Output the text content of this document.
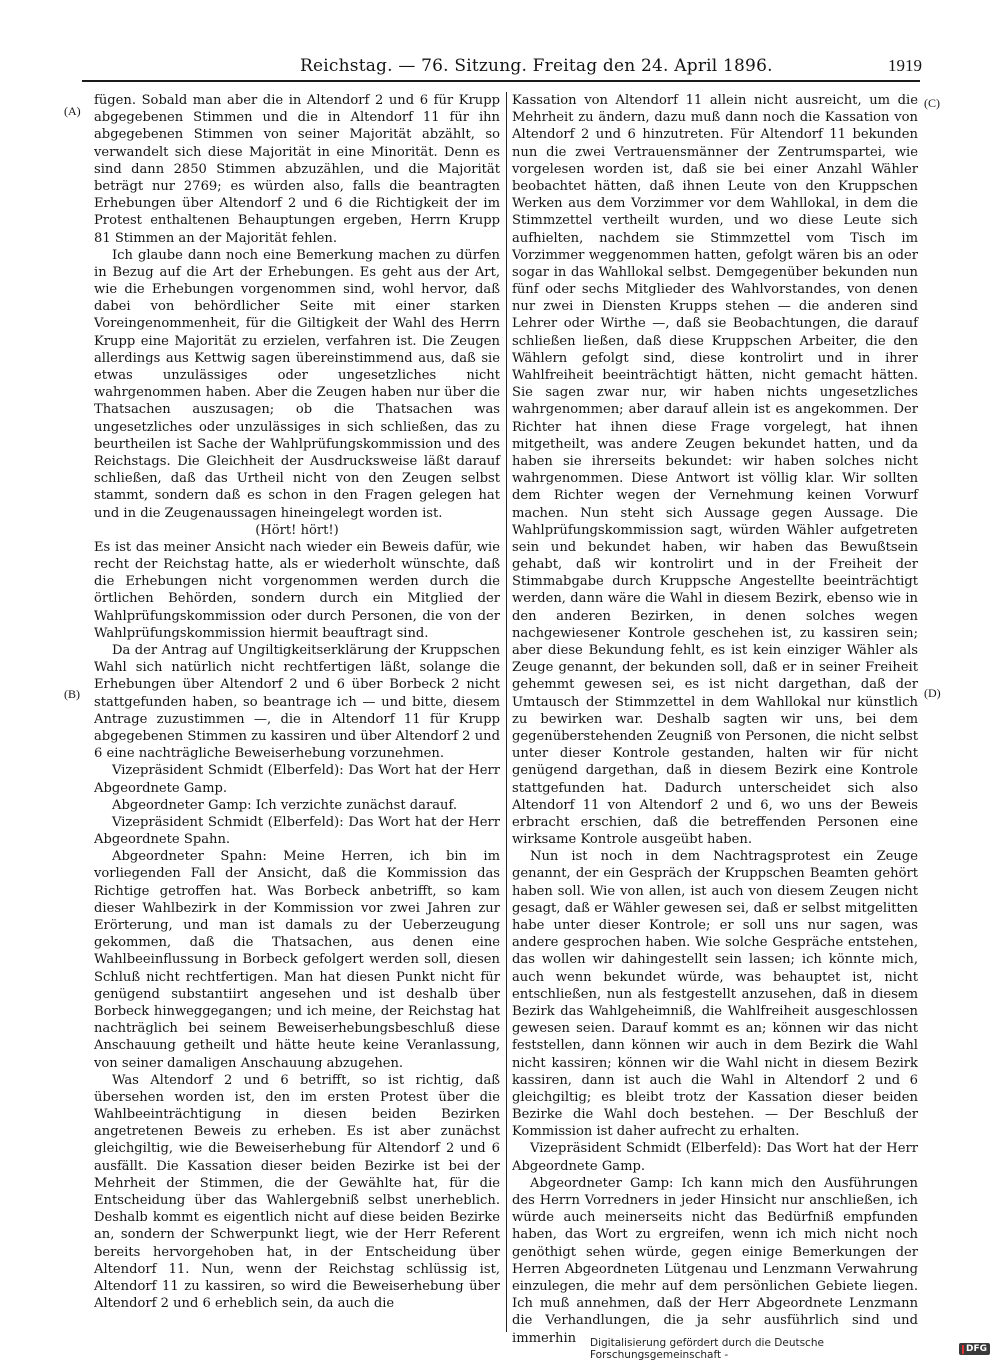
Reichstag. — 76. Sitzung. Freitag den 24. April 1896.	1919
(A)
(B)
(C)
(D)

fügen. Sobald man aber die in Altendorf 2 und 6 für Krupp abgegebenen Stimmen und die in Altendorf 11 für ihn abgegebenen Stimmen von seiner Majorität abzählt, so verwandelt sich diese Majorität in eine Minorität. Denn es sind dann 2850 Stimmen abzuzählen, und die Majorität beträgt nur 2769; es würden also, falls die beantragten Erhebungen über Altendorf 2 und 6 die Richtigkeit der im Protest enthaltenen Behauptungen ergeben, Herrn Krupp 81 Stimmen an der Majorität fehlen.

Ich glaube dann noch eine Bemerkung machen zu dürfen in Bezug auf die Art der Erhebungen. Es geht aus der Art, wie die Erhebungen vorgenommen sind, wohl hervor, daß dabei von behördlicher Seite mit einer starken Voreingenommenheit, für die Giltigkeit der Wahl des Herrn Krupp eine Majorität zu erzielen, verfahren ist. Die Zeugen allerdings aus Kettwig sagen übereinstimmend aus, daß sie etwas unzulässiges oder ungesetzliches nicht wahrgenommen haben. Aber die Zeugen haben nur über die Thatsachen auszusagen; ob die Thatsachen was ungesetzliches oder unzulässiges in sich schließen, das zu beurtheilen ist Sache der Wahlprüfungskommission und des Reichstags. Die Gleichheit der Ausdrucksweise läßt darauf schließen, daß das Urtheil nicht von den Zeugen selbst stammt, sondern daß es schon in den Fragen gelegen hat und in die Zeugenaussagen hineingelegt worden ist.

(Hört! hört!)

Es ist das meiner Ansicht nach wieder ein Beweis dafür, wie recht der Reichstag hatte, als er wiederholt wünschte, daß die Erhebungen nicht vorgenommen werden durch die örtlichen Behörden, sondern durch ein Mitglied der Wahlprüfungskommission oder durch Personen, die von der Wahlprüfungskommission hiermit beauftragt sind.

Da der Antrag auf Ungiltigkeitserklärung der Kruppschen Wahl sich natürlich nicht rechtfertigen läßt, solange die Erhebungen über Altendorf 2 und 6 über Borbeck 2 nicht stattgefunden haben, so beantrage ich — und bitte, diesem Antrage zuzustimmen —, die in Altendorf 11 für Krupp abgegebenen Stimmen zu kassiren und über Altendorf 2 und 6 eine nachträgliche Beweiserhebung vorzunehmen.

Vizepräsident Schmidt (Elberfeld): Das Wort hat der Herr Abgeordnete Gamp.

Abgeordneter Gamp: Ich verzichte zunächst darauf.

Vizepräsident Schmidt (Elberfeld): Das Wort hat der Herr Abgeordnete Spahn.

Abgeordneter Spahn: Meine Herren, ich bin im vorliegenden Fall der Ansicht, daß die Kommission das Richtige getroffen hat. Was Borbeck anbetrifft, so kam dieser Wahlbezirk in der Kommission vor zwei Jahren zur Erörterung, und man ist damals zu der Ueberzeugung gekommen, daß die Thatsachen, aus denen eine Wahlbeeinflussung in Borbeck gefolgert werden soll, diesen Schluß nicht rechtfertigen. Man hat diesen Punkt nicht für genügend substantiirt angesehen und ist deshalb über Borbeck hinweggegangen; und ich meine, der Reichstag hat nachträglich bei seinem Beweiserhebungsbeschluß diese Anschauung getheilt und hätte heute keine Veranlassung, von seiner damaligen Anschauung abzugehen.

Was Altendorf 2 und 6 betrifft, so ist richtig, daß übersehen worden ist, den im ersten Protest über die Wahlbeeinträchtigung in diesen beiden Bezirken angetretenen Beweis zu erheben. Es ist aber zunächst gleichgiltig, wie die Beweiserhebung für Altendorf 2 und 6 ausfällt. Die Kassation dieser beiden Bezirke ist bei der Mehrheit der Stimmen, die der Gewählte hat, für die Entscheidung über das Wahlergebniß selbst unerheblich. Deshalb kommt es eigentlich nicht auf diese beiden Bezirke an, sondern der Schwerpunkt liegt, wie der Herr Referent bereits hervorgehoben hat, in der Entscheidung über Altendorf 11. Nun, wenn der Reichstag schlüssig ist, Altendorf 11 zu kassiren, so wird die Beweiserhebung über Altendorf 2 und 6 erheblich sein, da auch die

Kassation von Altendorf 11 allein nicht ausreicht, um die Mehrheit zu ändern, dazu muß dann noch die Kassation von Altendorf 2 und 6 hinzutreten. Für Altendorf 11 bekunden nun die zwei Vertrauensmänner der Zentrumspartei, wie vorgelesen worden ist, daß sie bei einer Anzahl Wähler beobachtet hätten, daß ihnen Leute von den Kruppschen Werken aus dem Vorzimmer vor dem Wahllokal, in dem die Stimmzettel vertheilt wurden, und wo diese Leute sich aufhielten, nachdem sie Stimmzettel vom Tisch im Vorzimmer weggenommen hatten, gefolgt wären bis an oder sogar in das Wahllokal selbst. Demgegenüber bekunden nun fünf oder sechs Mitglieder des Wahlvorstandes, von denen nur zwei in Diensten Krupps stehen — die anderen sind Lehrer oder Wirthe —, daß sie Beobachtungen, die darauf schließen ließen, daß diese Kruppschen Arbeiter, die den Wählern gefolgt sind, diese kontrolirt und in ihrer Wahlfreiheit beeinträchtigt hätten, nicht gemacht hätten. Sie sagen zwar nur, wir haben nichts ungesetzliches wahrgenommen; aber darauf allein ist es angekommen. Der Richter hat ihnen diese Frage vorgelegt, hat ihnen mitgetheilt, was andere Zeugen bekundet hatten, und da haben sie ihrerseits bekundet: wir haben solches nicht wahrgenommen. Diese Antwort ist völlig klar. Wir sollten dem Richter wegen der Vernehmung keinen Vorwurf machen. Nun steht sich Aussage gegen Aussage. Die Wahlprüfungskommission sagt, würden Wähler aufgetreten sein und bekundet haben, wir haben das Bewußtsein gehabt, daß wir kontrolirt und in der Freiheit der Stimmabgabe durch Kruppsche Angestellte beeinträchtigt werden, dann wäre die Wahl in diesem Bezirk, ebenso wie in den anderen Bezirken, in denen solches wegen nachgewiesener Kontrole geschehen ist, zu kassiren sein; aber diese Bekundung fehlt, es ist kein einziger Wähler als Zeuge genannt, der bekunden soll, daß er in seiner Freiheit gehemmt gewesen sei, es ist nicht dargethan, daß der Umtausch der Stimmzettel in dem Wahllokal nur künstlich zu bewirken war. Deshalb sagten wir uns, bei dem gegenüberstehenden Zeugniß von Personen, die nicht selbst unter dieser Kontrole gestanden, halten wir für nicht genügend dargethan, daß in diesem Bezirk eine Kontrole stattgefunden hat. Dadurch unterscheidet sich also Altendorf 11 von Altendorf 2 und 6, wo uns der Beweis erbracht erschien, daß die betreffenden Personen eine wirksame Kontrole ausgeübt haben.

Nun ist noch in dem Nachtragsprotest ein Zeuge genannt, der ein Gespräch der Kruppschen Beamten gehört haben soll. Wie von allen, ist auch von diesem Zeugen nicht gesagt, daß er Wähler gewesen sei, daß er selbst mitgelitten habe unter dieser Kontrole; er soll uns nur sagen, was andere gesprochen haben. Wie solche Gespräche entstehen, das wollen wir dahingestellt sein lassen; ich könnte mich, auch wenn bekundet würde, was behauptet ist, nicht entschließen, nun als festgestellt anzusehen, daß in diesem Bezirk das Wahlgeheimniß, die Wahlfreiheit ausgeschlossen gewesen seien. Darauf kommt es an; können wir das nicht feststellen, dann können wir auch in dem Bezirk die Wahl nicht kassiren; können wir die Wahl nicht in diesem Bezirk kassiren, dann ist auch die Wahl in Altendorf 2 und 6 gleichgiltig; es bleibt trotz der Kassation dieser beiden Bezirke die Wahl doch bestehen. — Der Beschluß der Kommission ist daher aufrecht zu erhalten.

Vizepräsident Schmidt (Elberfeld): Das Wort hat der Herr Abgeordnete Gamp.

Abgeordneter Gamp: Ich kann mich den Ausführungen des Herrn Vorredners in jeder Hinsicht nur anschließen, ich würde auch meinerseits nicht das Bedürfniß empfunden haben, das Wort zu ergreifen, wenn ich mich nicht noch genöthigt sehen würde, gegen einige Bemerkungen der Herren Abgeordneten Lütgenau und Lenzmann Verwahrung einzulegen, die mehr auf dem persönlichen Gebiete liegen. Ich muß annehmen, daß der Herr Abgeordnete Lenzmann die Verhandlungen, die ja sehr ausführlich sind und immerhin	Digitalisierung gefördert durch die Deutsche Forschungsgemeinschaft -	DFG
